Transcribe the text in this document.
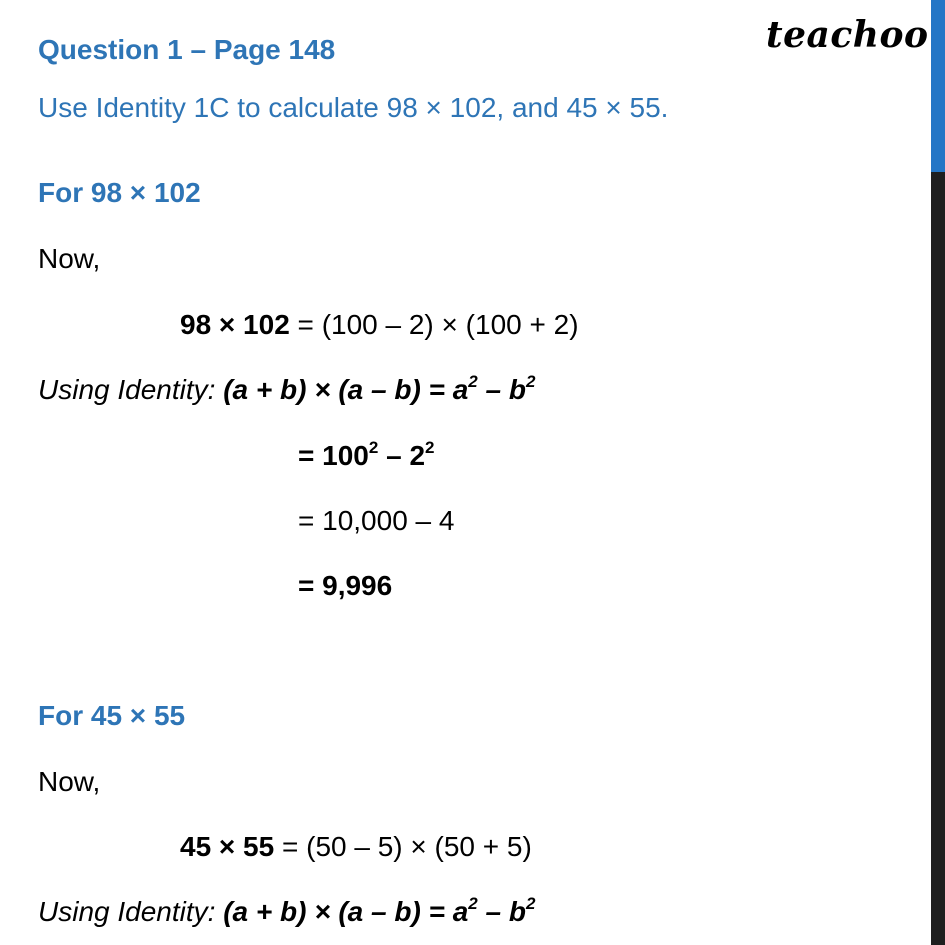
teachoo
Question 1 – Page 148
Use Identity 1C to calculate 98 × 102, and 45 × 55.
For 98 × 102
Now,
98 × 102 = (100 – 2) × (100 + 2)
Using Identity: $(a + b) \times (a - b) = a^2 - b^2$
= $100^2 - 2^2$
= 10,000 – 4
= 9,996
For 45 × 55
Now,
45 × 55 = (50 – 5) × (50 + 5)
Using Identity: $(a + b) \times (a - b) = a^2 - b^2$
